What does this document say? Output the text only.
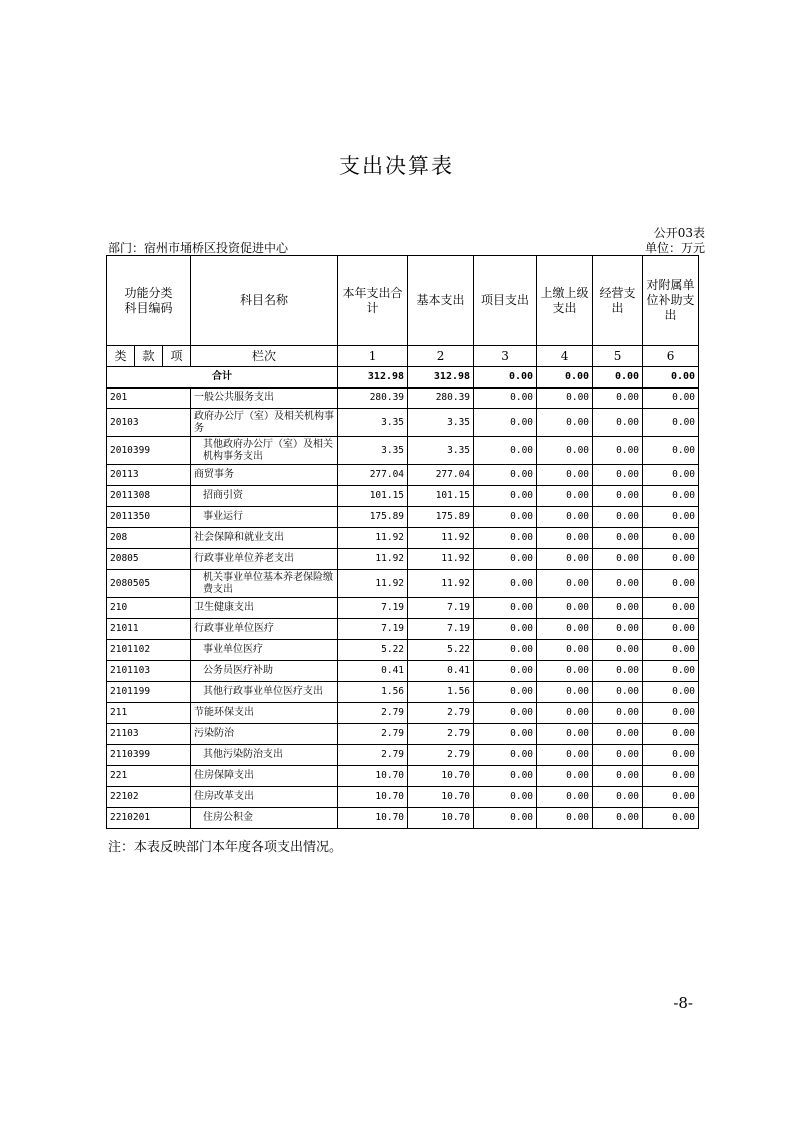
支出决算表
公开03表
部门：宿州市埇桥区投资促进中心	单位：万元
功能分类
科目编码			科目名称	本年支出合计	基本支出	项目支出	上缴上级支出	经营支出	对附属单位补助支出
类	款	项	栏次	1	2	3	4	5	6
合计				312.98	312.98	0.00	0.00	0.00	0.00
201			一般公共服务支出	280.39	280.39	0.00	0.00	0.00	0.00
20103			政府办公厅（室）及相关机构事务	3.35	3.35	0.00	0.00	0.00	0.00
2010399			其他政府办公厅（室）及相关机构事务支出	3.35	3.35	0.00	0.00	0.00	0.00
20113			商贸事务	277.04	277.04	0.00	0.00	0.00	0.00
2011308			招商引资	101.15	101.15	0.00	0.00	0.00	0.00
2011350			事业运行	175.89	175.89	0.00	0.00	0.00	0.00
208			社会保障和就业支出	11.92	11.92	0.00	0.00	0.00	0.00
20805			行政事业单位养老支出	11.92	11.92	0.00	0.00	0.00	0.00
2080505			机关事业单位基本养老保险缴费支出	11.92	11.92	0.00	0.00	0.00	0.00
210			卫生健康支出	7.19	7.19	0.00	0.00	0.00	0.00
21011			行政事业单位医疗	7.19	7.19	0.00	0.00	0.00	0.00
2101102			事业单位医疗	5.22	5.22	0.00	0.00	0.00	0.00
2101103			公务员医疗补助	0.41	0.41	0.00	0.00	0.00	0.00
2101199			其他行政事业单位医疗支出	1.56	1.56	0.00	0.00	0.00	0.00
211			节能环保支出	2.79	2.79	0.00	0.00	0.00	0.00
21103			污染防治	2.79	2.79	0.00	0.00	0.00	0.00
2110399			其他污染防治支出	2.79	2.79	0.00	0.00	0.00	0.00
221			住房保障支出	10.70	10.70	0.00	0.00	0.00	0.00
22102			住房改革支出	10.70	10.70	0.00	0.00	0.00	0.00
2210201			住房公积金	10.70	10.70	0.00	0.00	0.00	0.00
注：本表反映部门本年度各项支出情况。
-8-
